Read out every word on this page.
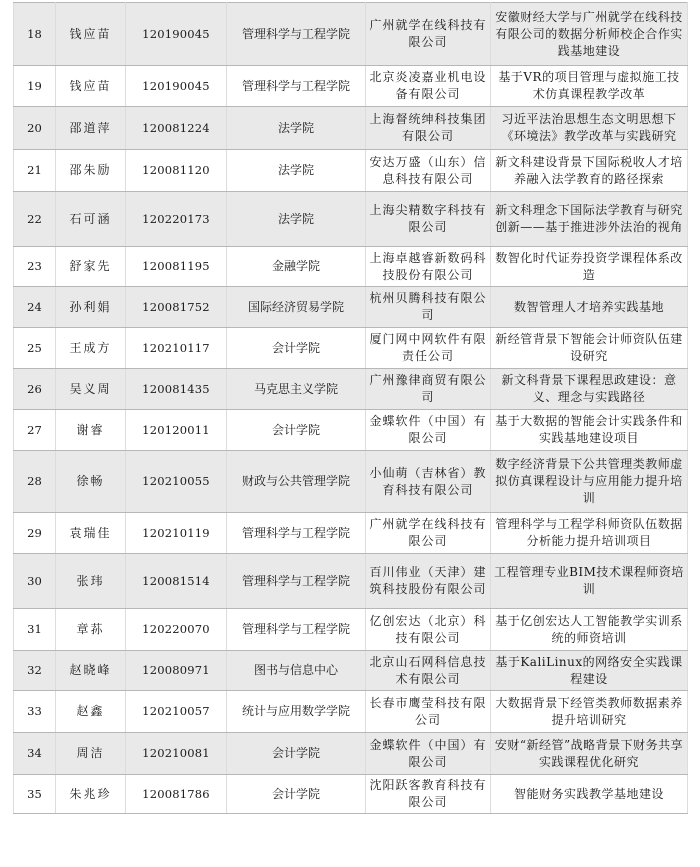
18	钱应苗	120190045	管理科学与工程学院	广州就学在线科技有限公司	安徽财经大学与广州就学在线科技有限公司的数据分析师校企合作实践基地建设
19	钱应苗	120190045	管理科学与工程学院	北京炎凌嘉业机电设备有限公司	基于VR的项目管理与虚拟施工技术仿真课程教学改革
20	邵道萍	120081224	法学院	上海督统绅科技集团有限公司	习近平法治思想生态文明思想下《环境法》教学改革与实践研究
21	邵朱励	120081120	法学院	安达万盛（山东）信息科技有限公司	新文科建设背景下国际税收人才培养融入法学教育的路径探索
22	石可涵	120220173	法学院	上海尖精数字科技有限公司	新文科理念下国际法学教育与研究创新——基于推进涉外法治的视角
23	舒家先	120081195	金融学院	上海卓越睿新数码科技股份有限公司	数智化时代证券投资学课程体系改造
24	孙利娟	120081752	国际经济贸易学院	杭州贝腾科技有限公司	数智管理人才培养实践基地
25	王成方	120210117	会计学院	厦门网中网软件有限责任公司	新经管背景下智能会计师资队伍建设研究
26	吴义周	120081435	马克思主义学院	广州豫律商贸有限公司	新文科背景下课程思政建设：意义、理念与实践路径
27	谢睿	120120011	会计学院	金蝶软件（中国）有限公司	基于大数据的智能会计实践条件和实践基地建设项目
28	徐畅	120210055	财政与公共管理学院	小仙萌（吉林省）教育科技有限公司	数字经济背景下公共管理类教师虚拟仿真课程设计与应用能力提升培训
29	袁瑞佳	120210119	管理科学与工程学院	广州就学在线科技有限公司	管理科学与工程学科师资队伍数据分析能力提升培训项目
30	张玮	120081514	管理科学与工程学院	百川伟业（天津）建筑科技股份有限公司	工程管理专业BIM技术课程师资培训
31	章荪	120220070	管理科学与工程学院	亿创宏达（北京）科技有限公司	基于亿创宏达人工智能教学实训系统的师资培训
32	赵晓峰	120080971	图书与信息中心	北京山石网科信息技术有限公司	基于KaliLinux的网络安全实践课程建设
33	赵鑫	120210057	统计与应用数学学院	长春市鹰莹科技有限公司	大数据背景下经管类教师数据素养提升培训研究
34	周洁	120210081	会计学院	金蝶软件（中国）有限公司	安财“新经管”战略背景下财务共享实践课程优化研究
35	朱兆珍	120081786	会计学院	沈阳跃客教育科技有限公司	智能财务实践教学基地建设
